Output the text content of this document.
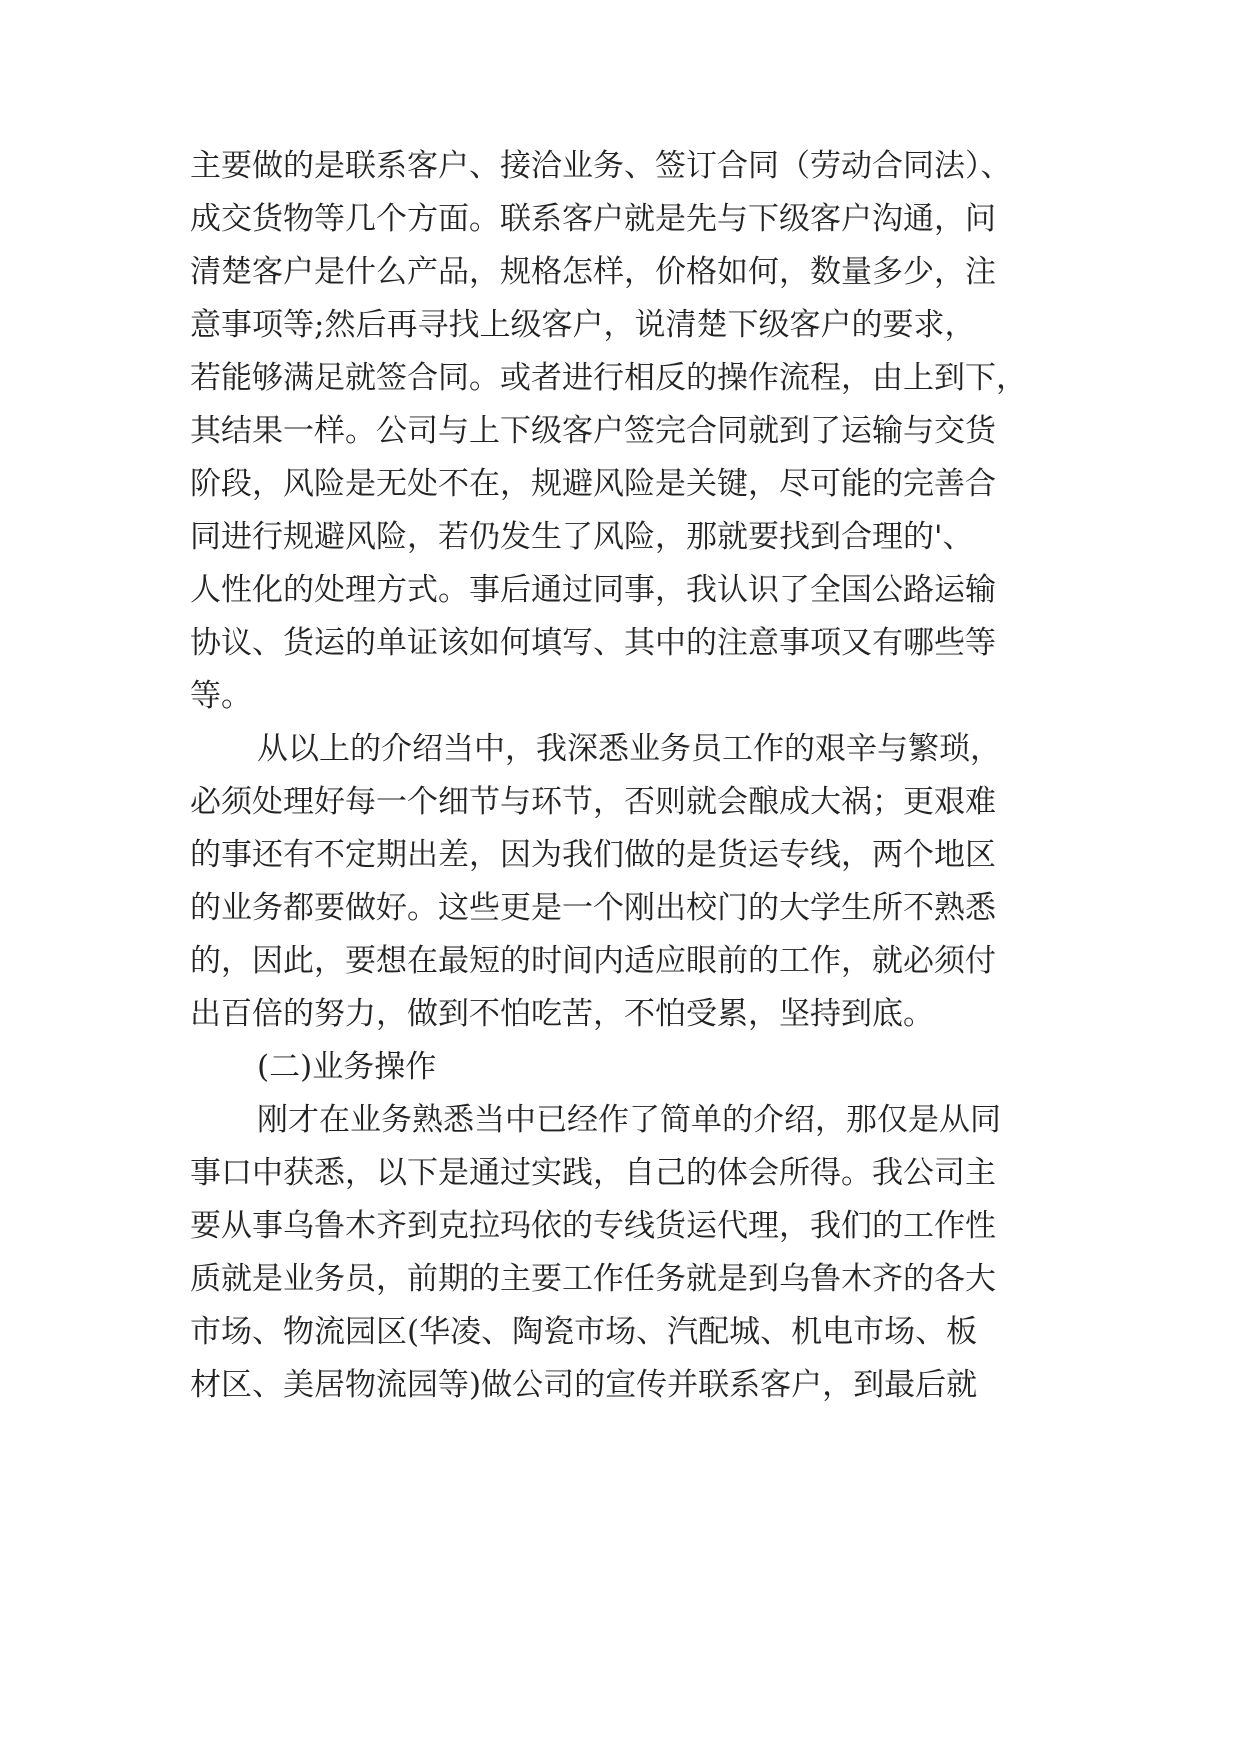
主要做的是联系客户、接洽业务、签订合同（劳动合同法）、
成交货物等几个方面。联系客户就是先与下级客户沟通，问
清楚客户是什么产品，规格怎样，价格如何，数量多少，注
意事项等;然后再寻找上级客户，说清楚下级客户的要求，
若能够满足就签合同。或者进行相反的操作流程，由上到下，
其结果一样。公司与上下级客户签完合同就到了运输与交货
阶段，风险是无处不在，规避风险是关键，尽可能的完善合
同进行规避风险，若仍发生了风险，那就要找到合理的'、
人性化的处理方式。事后通过同事，我认识了全国公路运输
协议、货运的单证该如何填写、其中的注意事项又有哪些等
等。
从以上的介绍当中，我深悉业务员工作的艰辛与繁琐，
必须处理好每一个细节与环节，否则就会酿成大祸；更艰难
的事还有不定期出差，因为我们做的是货运专线，两个地区
的业务都要做好。这些更是一个刚出校门的大学生所不熟悉
的，因此，要想在最短的时间内适应眼前的工作，就必须付
出百倍的努力，做到不怕吃苦，不怕受累，坚持到底。
(二)业务操作
刚才在业务熟悉当中已经作了简单的介绍，那仅是从同
事口中获悉，以下是通过实践，自己的体会所得。我公司主
要从事乌鲁木齐到克拉玛依的专线货运代理，我们的工作性
质就是业务员，前期的主要工作任务就是到乌鲁木齐的各大
市场、物流园区(华凌、陶瓷市场、汽配城、机电市场、板
材区、美居物流园等)做公司的宣传并联系客户，到最后就
